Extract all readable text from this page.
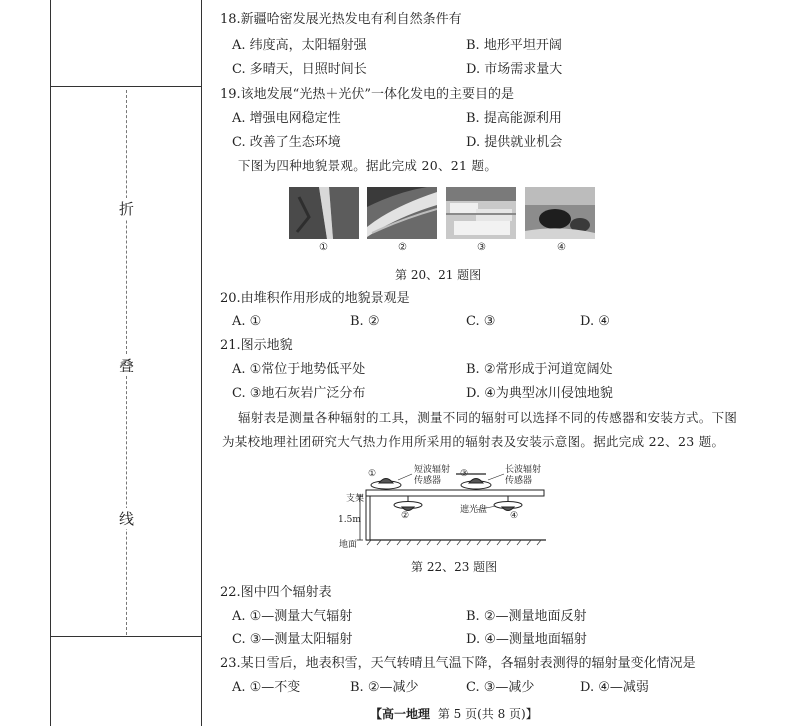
折
叠
线
18.新疆哈密发展光热发电有利自然条件有
A. 纬度高，太阳辐射强	B. 地形平坦开阔
C. 多晴天，日照时间长	D. 市场需求量大
19.该地发展“光热＋光伏”一体化发电的主要目的是
A. 增强电网稳定性	B. 提高能源利用
C. 改善了生态环境	D. 提供就业机会
下图为四种地貌景观。据此完成 20、21 题。
①	②	③	④
第 20、21 题图
20.由堆积作用形成的地貌景观是
A. ①	B. ②	C. ③	D. ④
21.图示地貌
A. ①常位于地势低平处	B. ②常形成于河道宽阔处
C. ③地石灰岩广泛分布	D. ④为典型冰川侵蚀地貌
辐射表是测量各种辐射的工具，测量不同的辐射可以选择不同的传感器和安装方式。下图
为某校地理社团研究大气热力作用所采用的辐射表及安装示意图。据此完成 22、23 题。
①
②
③
④
短波辐射
传感器
长波辐射
传感器
支架
1.5m
遮光盘
地面
第 22、23 题图
22.图中四个辐射表
A. ①—测量大气辐射	B. ②—测量地面反射
C. ③—测量太阳辐射	D. ④—测量地面辐射
23.某日雪后，地表积雪，天气转晴且气温下降，各辐射表测得的辐射量变化情况是
A. ①—不变	B. ②—减少	C. ③—减少	D. ④—减弱
【高一地理 第 5 页(共 8 页)】
